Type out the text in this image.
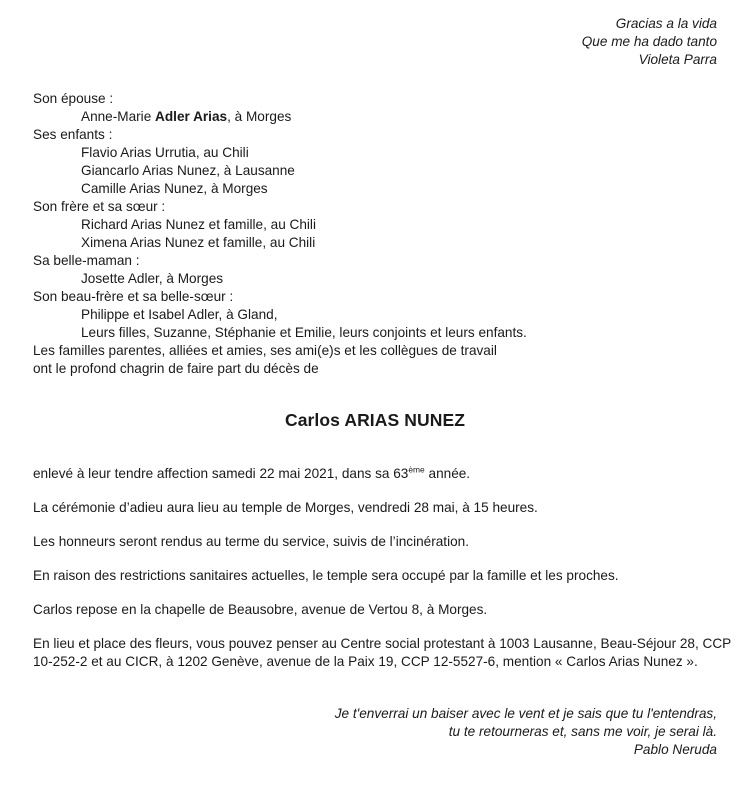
Gracias a la vida
Que me ha dado tanto
Violeta Parra
Son épouse :
Anne-Marie Adler Arias, à Morges
Ses enfants :
Flavio Arias Urrutia, au Chili
Giancarlo Arias Nunez, à Lausanne
Camille Arias Nunez, à Morges
Son frère et sa sœur :
Richard Arias Nunez et famille, au Chili
Ximena Arias Nunez et famille, au Chili
Sa belle-maman :
Josette Adler, à Morges
Son beau-frère et sa belle-sœur :
Philippe et Isabel Adler, à Gland,
Leurs filles, Suzanne, Stéphanie et Emilie, leurs conjoints et leurs enfants.
Les familles parentes, alliées et amies, ses ami(e)s et les collègues de travail
ont le profond chagrin de faire part du décès de
Carlos ARIAS NUNEZ
enlevé à leur tendre affection samedi 22 mai 2021, dans sa 63ème année.
La cérémonie d’adieu aura lieu au temple de Morges, vendredi 28 mai, à 15 heures.
Les honneurs seront rendus au terme du service, suivis de l’incinération.
En raison des restrictions sanitaires actuelles, le temple sera occupé par la famille et les proches.
Carlos repose en la chapelle de Beausobre, avenue de Vertou 8, à Morges.
En lieu et place des fleurs, vous pouvez penser au Centre social protestant à 1003 Lausanne, Beau-Séjour 28, CCP
10-252-2 et au CICR, à 1202 Genève, avenue de la Paix 19, CCP 12-5527-6, mention « Carlos Arias Nunez ».
Je t'enverrai un baiser avec le vent et je sais que tu l'entendras,
tu te retourneras et, sans me voir, je serai là.
Pablo Neruda
